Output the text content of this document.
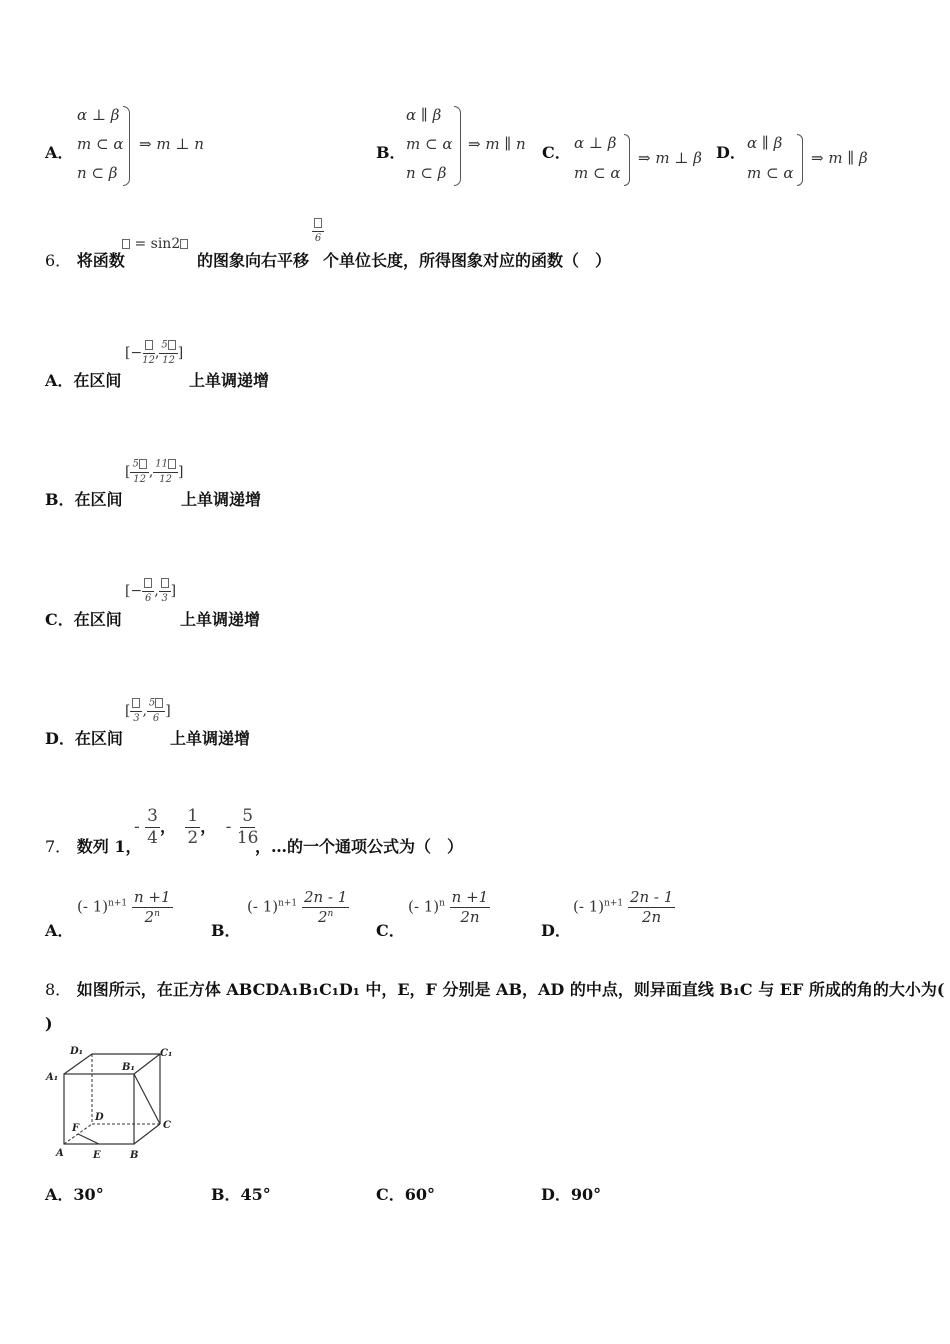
A．
α ⊥ β
m ⊂ α
n ⊂ β
⇒ m ⊥ n	B．
α ∥ β
m ⊂ α
n ⊂ β
⇒ m ∥ n C． α ⊥ β
m ⊂ α
⇒ m ⊥ β D． α ∥ β
m ⊂ α
⇒ m ∥ β
6． 将函数
= sin2
的图象向右平移
6
个单位长度，所得图象对应的函数（　）
A．在区间
[− 12 , $\frac{5}{12}$ ]
上单调递增
B．在区间
[ $\frac{5}{12}$ , $\frac{11}{12}$ ]
上单调递增
C．在区间
[− 6 , 3 ]
上单调递增
D．在区间
[ 3 , $\frac{5}{6}$ ]
上单调递增
7． 数列 1，
- $\frac{3}{4}$ ， $\frac{1}{2}$ ， - $\frac{5}{16}$
，…的一个通项公式为（　）
A．
(- $1)^{n+1} \frac{n +1}{2^n}$
B．
(- $1)^{n+1} \frac{2n - 1}{2^n}$
C．
(- $1)^n \frac{n +1}{2n}$
D．
(- $1)^{n+1} \frac{2n - 1}{2n}$
8． 如图所示，在正方体 ABCDA₁B₁C₁D₁ 中，E，F 分别是 AB，AD 的中点，则异面直线 B₁C 与 EF 所成的角的大小为(
)
D₁	C₁
A₁
B₁
D
C
F
A	E	B
A．30°	B．45°	C．60°	D．90°
